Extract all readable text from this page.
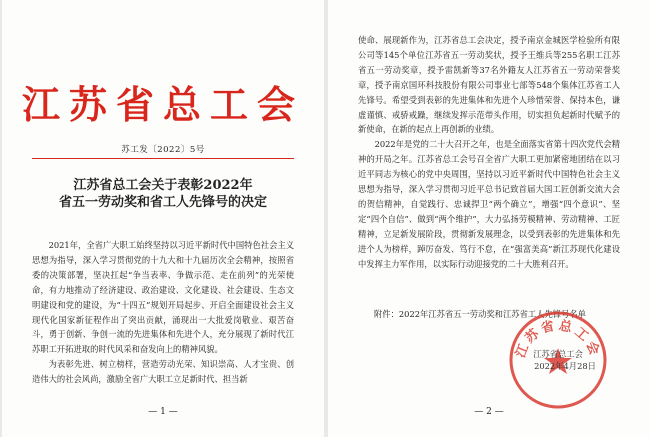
江苏省总工会
苏工发〔2022〕5号
江苏省总工会关于表彰2022年
省五一劳动奖和省工人先锋号的决定

2021年，全省广大职工始终坚持以习近平新时代中国特色社会主义思想为指导，深入学习贯彻党的十九大和十九届历次全会精神，按照省委的决策部署，坚决扛起“争当表率、争做示范、走在前列”的光荣使命，有力地推动了经济建设、政治建设、文化建设、社会建设、生态文明建设和党的建设，为“十四五”规划开局起步、开启全面建设社会主义现代化国家新征程作出了突出贡献，涌现出一大批爱岗敬业、艰苦奋斗，勇于创新、争创一流的先进集体和先进个人，充分展现了新时代江苏职工开拓进取的时代风采和奋发向上的精神风貌。

为表彰先进、树立榜样，营造劳动光荣、知识崇高、人才宝贵、创造伟大的社会风尚，激励全省广大职工立足新时代、担当新

— 1 —

使命、展现新作为，江苏省总工会决定，授予南京金城医学检验所有限公司等145个单位江苏省五一劳动奖状，授予王维兵等255名职工江苏省五一劳动奖章，授予雷凯新等37名外籍友人江苏省五一劳动荣誉奖章，授予南京国环科技股份有限公司事业七部等548个集体江苏省工人先锋号。希望受到表彰的先进集体和先进个人珍惜荣誉、保持本色，谦虚谨慎、戒骄戒躁，继续发挥示范带头作用，切实担负起新时代赋予的新使命，在新的起点上再创新的业绩。

2022年是党的二十大召开之年，也是全面落实省第十四次党代会精神的开局之年。江苏省总工会号召全省广大职工更加紧密地团结在以习近平同志为核心的党中央周围，坚持以习近平新时代中国特色社会主义思想为指导，深入学习贯彻习近平总书记致首届大国工匠创新交流大会的贺信精神，自觉践行、忠诚捍卫“两个确立”，增强“四个意识”、坚定“四个自信”、做到“两个维护”，大力弘扬劳模精神、劳动精神、工匠精神，立足新发展阶段，贯彻新发展理念，以受到表彰的先进集体和先进个人为榜样，踔厉奋发、笃行不怠，在“强富美高”新江苏现代化建设中发挥主力军作用，以实际行动迎接党的二十大胜利召开。

附件：2022年江苏省五一劳动奖和江苏省工人先锋号名单
江苏省总工会
江苏省总工会
2022年4月28日
— 2 —
